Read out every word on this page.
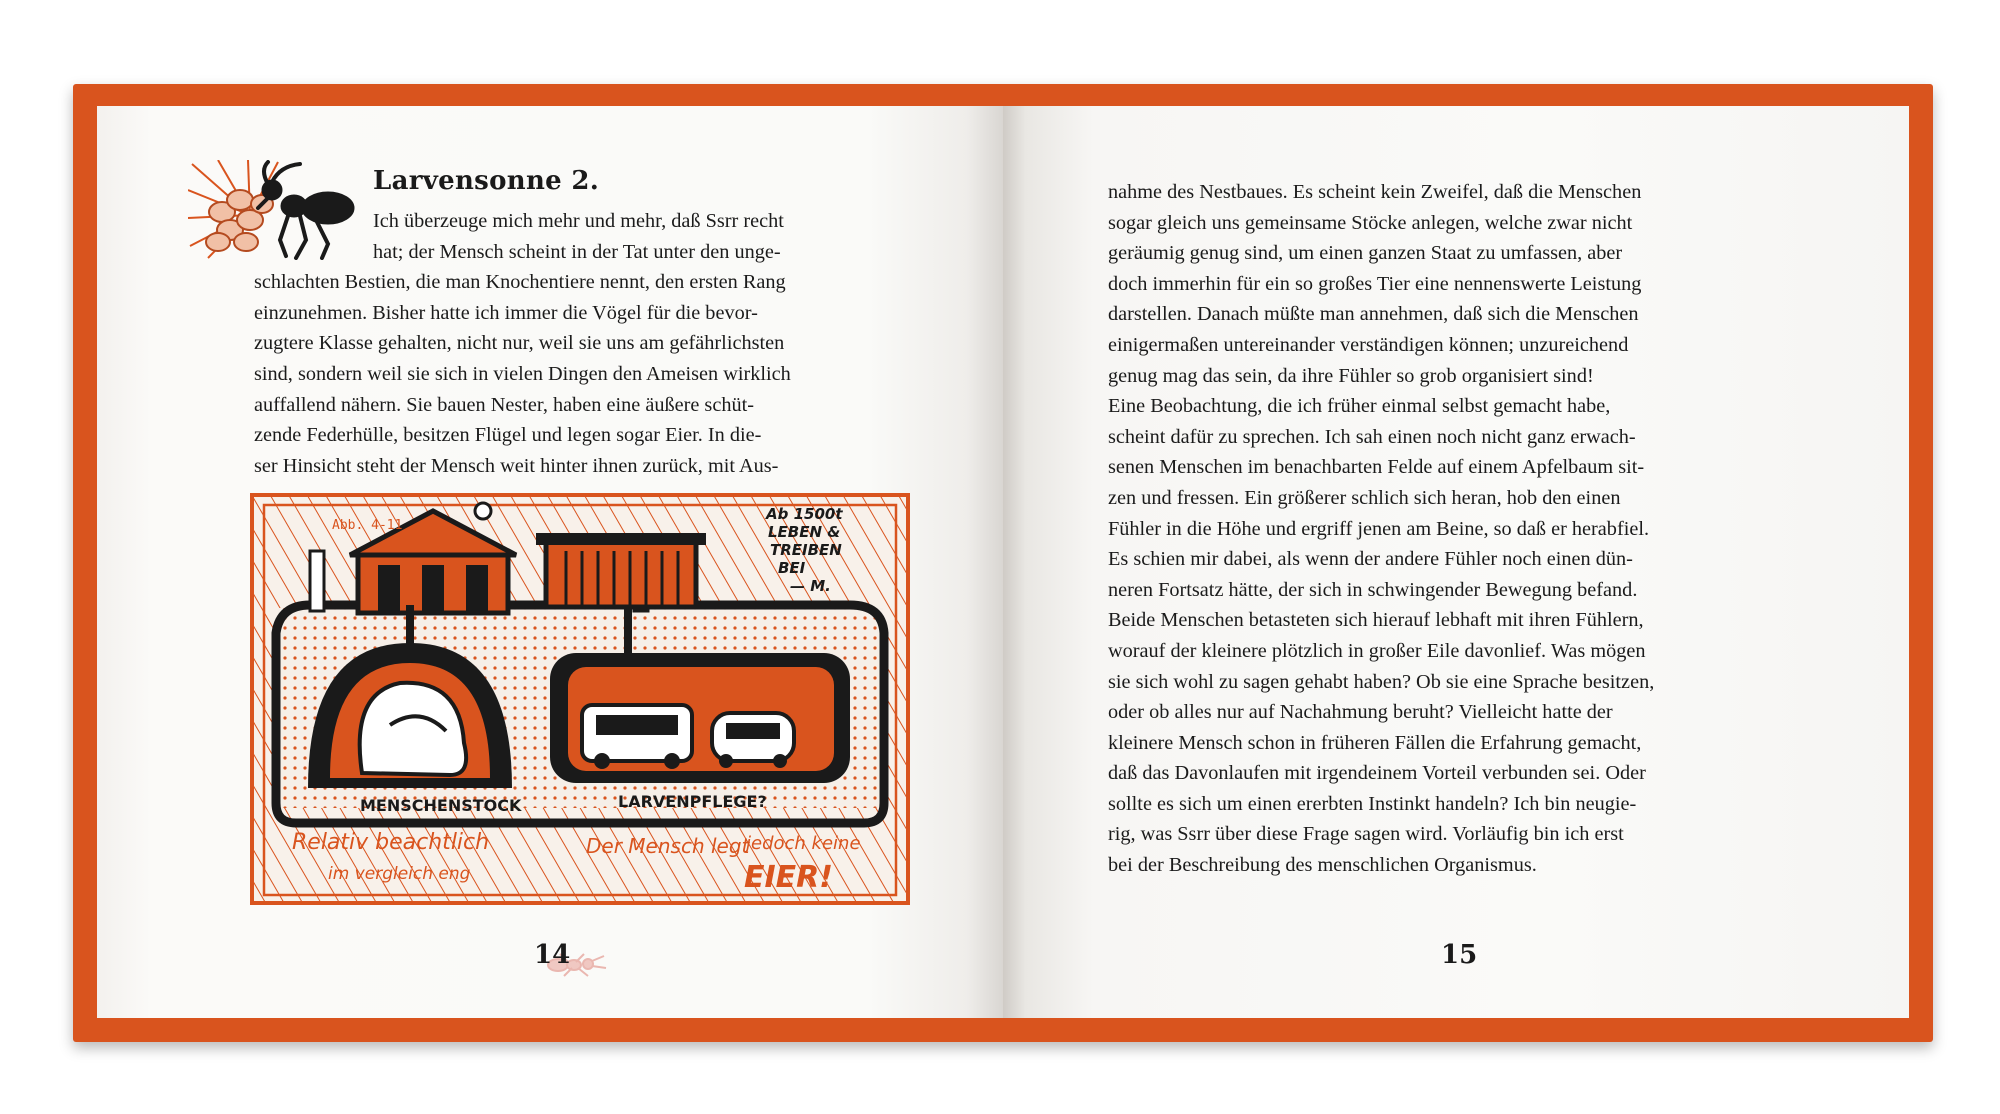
Larvensonne 2.
Ich überzeuge mich mehr und mehr, daß Ssrr recht
hat; der Mensch scheint in der Tat unter den unge-
schlachten Bestien, die man Knochentiere nennt, den ersten Rang
einzunehmen. Bisher hatte ich immer die Vögel für die bevor-
zugtere Klasse gehalten, nicht nur, weil sie uns am gefährlichsten
sind, sondern weil sie sich in vielen Dingen den Ameisen wirklich
auffallend nähern. Sie bauen Nester, haben eine äußere schüt-
zende Federhülle, besitzen Flügel und legen sogar Eier. In die-
ser Hinsicht steht der Mensch weit hinter ihnen zurück, mit Aus-
Abb. 4-11
Ab 1500t
LEBEN &
TREIBEN
BEI
— M.
MENSCHENSTOCK	LARVENPFLEGE?
Relativ beachtlich
im vergleich eng
Der Mensch legt
jedoch keine
EIER!
nahme des Nestbaues. Es scheint kein Zweifel, daß die Menschen
sogar gleich uns gemeinsame Stöcke anlegen, welche zwar nicht
geräumig genug sind, um einen ganzen Staat zu umfassen, aber
doch immerhin für ein so großes Tier eine nennenswerte Leistung
darstellen. Danach müßte man annehmen, daß sich die Menschen
einigermaßen untereinander verständigen können; unzureichend
genug mag das sein, da ihre Fühler so grob organisiert sind!
Eine Beobachtung, die ich früher einmal selbst gemacht habe,
scheint dafür zu sprechen. Ich sah einen noch nicht ganz erwach-
senen Menschen im benachbarten Felde auf einem Apfelbaum sit-
zen und fressen. Ein größerer schlich sich heran, hob den einen
Fühler in die Höhe und ergriff jenen am Beine, so daß er herabfiel.
Es schien mir dabei, als wenn der andere Fühler noch einen dün-
neren Fortsatz hätte, der sich in schwingender Bewegung befand.
Beide Menschen betasteten sich hierauf lebhaft mit ihren Fühlern,
worauf der kleinere plötzlich in großer Eile davonlief. Was mögen
sie sich wohl zu sagen gehabt haben? Ob sie eine Sprache besitzen,
oder ob alles nur auf Nachahmung beruht? Vielleicht hatte der
kleinere Mensch schon in früheren Fällen die Erfahrung gemacht,
daß das Davonlaufen mit irgendeinem Vorteil verbunden sei. Oder
sollte es sich um einen ererbten Instinkt handeln? Ich bin neugie-
rig, was Ssrr über diese Frage sagen wird. Vorläufig bin ich erst
bei der Beschreibung des menschlichen Organismus.
14	15
